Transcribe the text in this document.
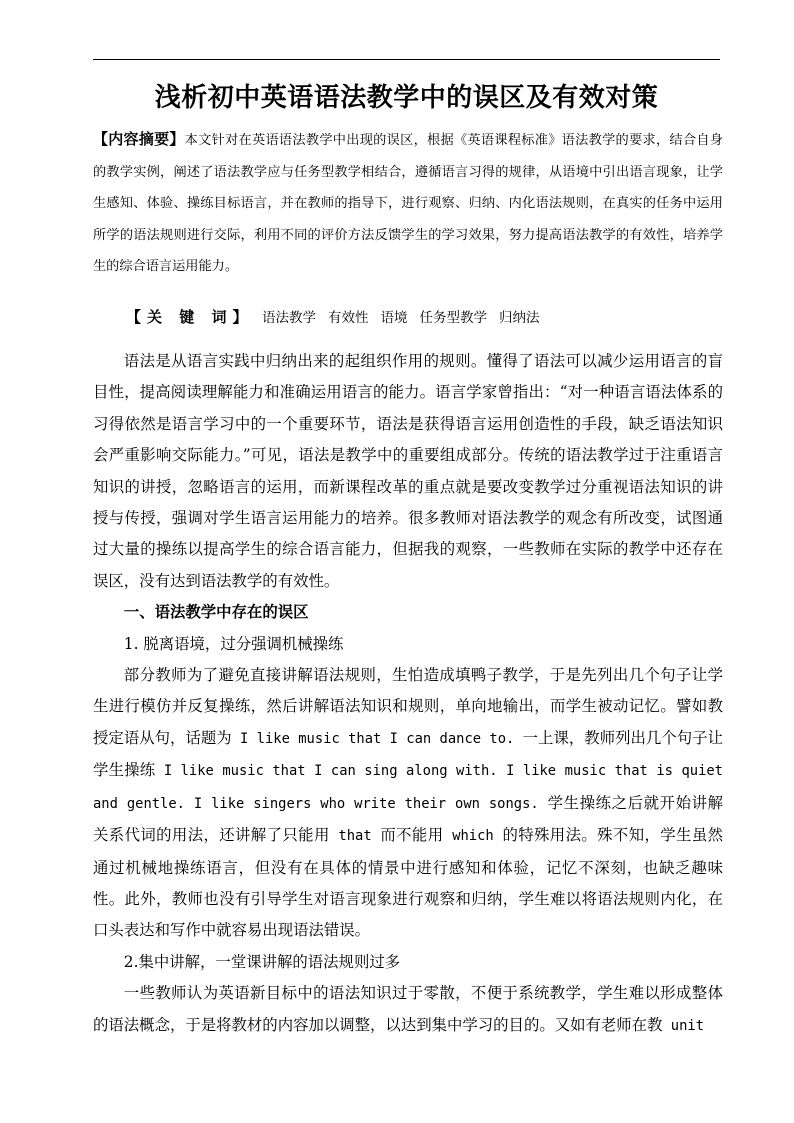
浅析初中英语语法教学中的误区及有效对策

【内容摘要】本文针对在英语语法教学中出现的误区，根据《英语课程标准》语法教学的要求，结合自身的教学实例，阐述了语法教学应与任务型教学相结合，遵循语言习得的规律，从语境中引出语言现象，让学生感知、体验、操练目标语言，并在教师的指导下，进行观察、归纳、内化语法规则，在真实的任务中运用所学的语法规则进行交际，利用不同的评价方法反馈学生的学习效果，努力提高语法教学的有效性，培养学生的综合语言运用能力。

【关 键 词】 语法教学 有效性 语境 任务型教学 归纳法

语法是从语言实践中归纳出来的起组织作用的规则。懂得了语法可以减少运用语言的盲目性，提高阅读理解能力和准确运用语言的能力。语言学家曾指出：“对一种语言语法体系的习得依然是语言学习中的一个重要环节，语法是获得语言运用创造性的手段，缺乏语法知识会严重影响交际能力。”可见，语法是教学中的重要组成部分。传统的语法教学过于注重语言知识的讲授，忽略语言的运用，而新课程改革的重点就是要改变教学过分重视语法知识的讲授与传授，强调对学生语言运用能力的培养。很多教师对语法教学的观念有所改变，试图通过大量的操练以提高学生的综合语言能力，但据我的观察，一些教师在实际的教学中还存在误区，没有达到语法教学的有效性。

一、语法教学中存在的误区

1. 脱离语境，过分强调机械操练

部分教师为了避免直接讲解语法规则，生怕造成填鸭子教学，于是先列出几个句子让学生进行模仿并反复操练，然后讲解语法知识和规则，单向地输出，而学生被动记忆。譬如教授定语从句，话题为 I like music that I can dance to. 一上课，教师列出几个句子让学生操练 I like music that I can sing along with. I like music that is quiet and gentle. I like singers who write their own songs. 学生操练之后就开始讲解关系代词的用法，还讲解了只能用 that 而不能用 which 的特殊用法。殊不知，学生虽然通过机械地操练语言，但没有在具体的情景中进行感知和体验，记忆不深刻，也缺乏趣味性。此外，教师也没有引导学生对语言现象进行观察和归纳，学生难以将语法规则内化，在口头表达和写作中就容易出现语法错误。

2.集中讲解，一堂课讲解的语法规则过多

一些教师认为英语新目标中的语法知识过于零散，不便于系统教学，学生难以形成整体的语法概念，于是将教材的内容加以调整，以达到集中学习的目的。又如有老师在教 unit
